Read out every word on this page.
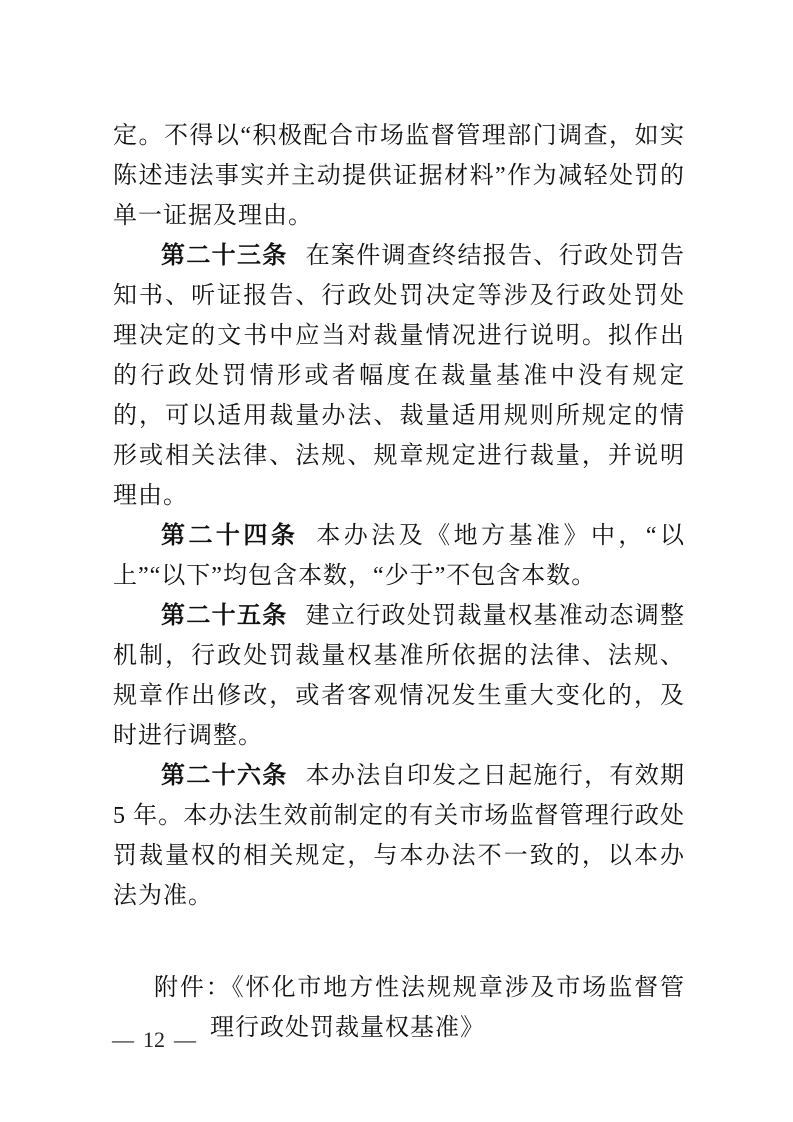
定。不得以“积极配合市场监督管理部门调查，如实陈述违法事实并主动提供证据材料”作为减轻处罚的单一证据及理由。

第二十三条 在案件调查终结报告、行政处罚告知书、听证报告、行政处罚决定等涉及行政处罚处理决定的文书中应当对裁量情况进行说明。拟作出的行政处罚情形或者幅度在裁量基准中没有规定的，可以适用裁量办法、裁量适用规则所规定的情形或相关法律、法规、规章规定进行裁量，并说明理由。

第二十四条 本办法及《地方基准》中，“以上”“以下”均包含本数，“少于”不包含本数。

第二十五条 建立行政处罚裁量权基准动态调整机制，行政处罚裁量权基准所依据的法律、法规、规章作出修改，或者客观情况发生重大变化的，及时进行调整。

第二十六条 本办法自印发之日起施行，有效期 5 年。本办法生效前制定的有关市场监督管理行政处罚裁量权的相关规定，与本办法不一致的，以本办法为准。

附件：《怀化市地方性法规规章涉及市场监督管理行政处罚裁量权基准》

— 12 —
